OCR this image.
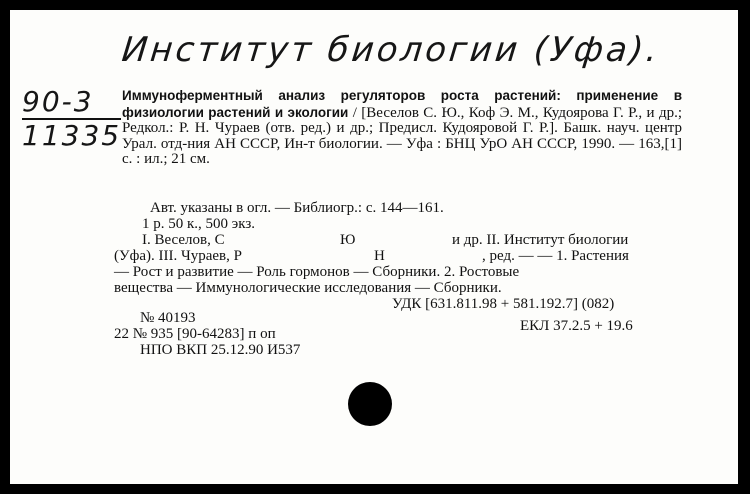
Институт биологии (Уфа).
90-3
11335
Иммуноферментный анализ регуляторов роста растений: применение в физиологии растений и экологии / [Веселов С. Ю., Коф Э. М., Кудоярова Г. Р., и др.; Редкол.: Р. Н. Чураев (отв. ред.) и др.; Предисл. Кудояровой Г. Р.]. Башк. науч. центр Урал. отд-ния АН СССР, Ин-т биологии. — Уфа : БНЦ УрО АН СССР, 1990. — 163,[1] с. : ил.; 21 см.
Авт. указаны в огл. — Библиогр.: с. 144—161.
1 р. 50 к., 500 экз.
I. Веселов, С	Ю	и др. II. Институт биологии
(Уфа). III. Чураев, Р	Н	, ред. — — 1. Растения
— Рост и развитие — Роль гормонов — Сборники. 2. Ростовые
вещества — Иммунологические исследования — Сборники.
УДК [631.811.98 + 581.192.7] (082)
№ 40193
22 № 935 [90-64283] п оп
НПО ВКП 25.12.90 И537
ЕКЛ 37.2.5 + 19.6
